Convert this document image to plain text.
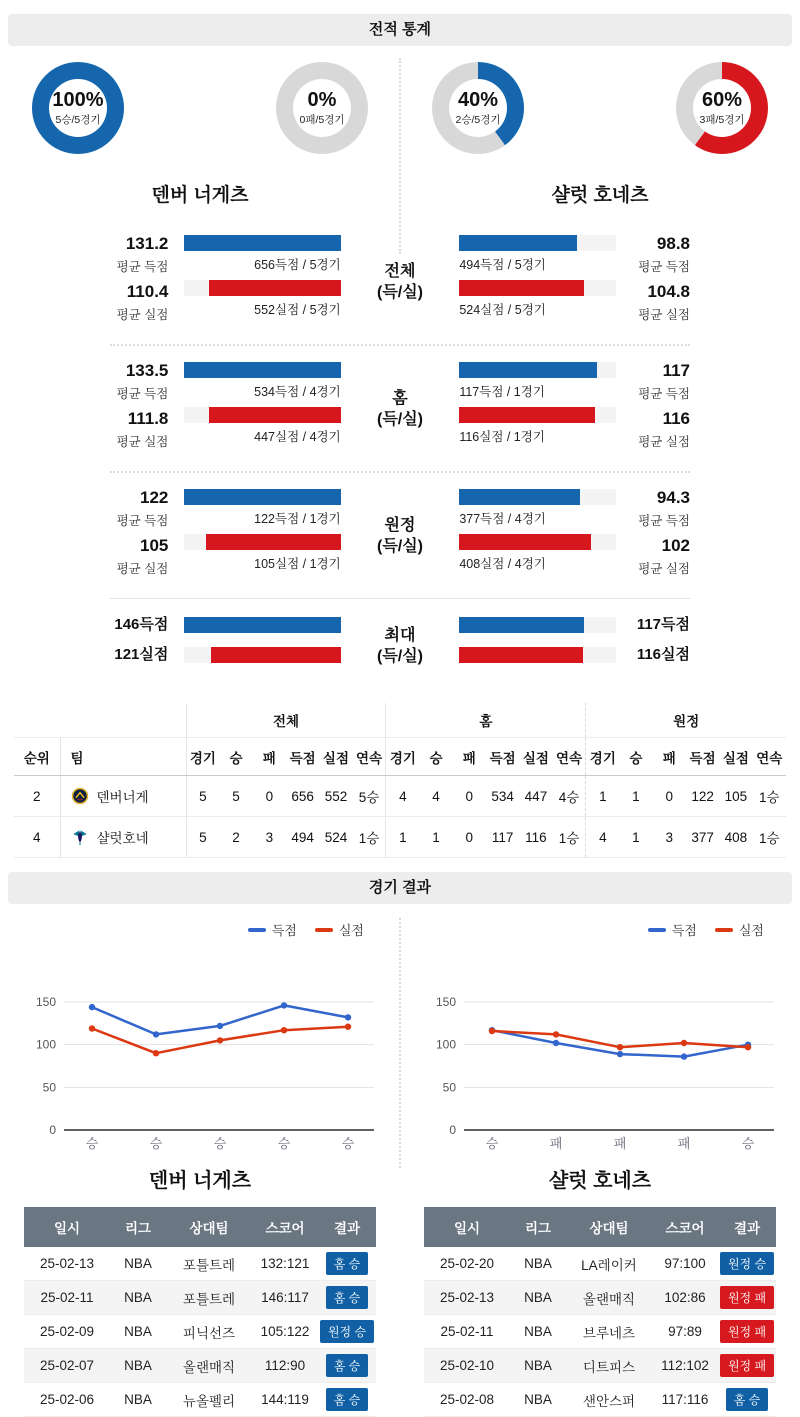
전적 통계
100%
5승/5경기
0%
0패/5경기
40%
2승/5경기
60%
3패/5경기
덴버 너게츠	샬럿 호네츠
131.2
평균 득점
110.4
평균 실점
656득점 / 5경기
552실점 / 5경기
전체
(득/실)
494득점 / 5경기
524실점 / 5경기
98.8
평균 득점
104.8
평균 실점
133.5
평균 득점
111.8
평균 실점
534득점 / 4경기
447실점 / 4경기
홈
(득/실)
117득점 / 1경기
116실점 / 1경기
117
평균 득점
116
평균 실점
122
평균 득점
105
평균 실점
122득점 / 1경기
105실점 / 1경기
원정
(득/실)
377득점 / 4경기
408실점 / 4경기
94.3
평균 득점
102
평균 실점
146득점
121실점
최대
(득/실)
117득점
116실점
		전체						홈						원정					
순위	팀	경기	승	패	득점	실점	연속	경기	승	패	득점	실점	연속	경기	승	패	득점	실점	연속
2	덴버너게	5	5	0	656	552	5승	4	4	0	534	447	4승	1	1	0	122	105	1승
4	샬럿호네	5	2	3	494	524	1승	1	1	0	117	116	1승	4	1	3	377	408	1승
경기 결과
득점	실점
0
50
100
150
승	승	승	승	승
득점	실점
0
50
100
150
승	패	패	패	승
덴버 너게츠	샬럿 호네츠
일시	리그	상대팀	스코어	결과
25-02-13	NBA	포틀트레	132:121	홈 승
25-02-11	NBA	포틀트레	146:117	홈 승
25-02-09	NBA	피닉선즈	105:122	원정 승
25-02-07	NBA	올랜매직	112:90	홈 승
25-02-06	NBA	뉴올펠리	144:119	홈 승
일시	리그	상대팀	스코어	결과
25-02-20	NBA	LA레이커	97:100	원정 승
25-02-13	NBA	올랜매직	102:86	원정 패
25-02-11	NBA	브루네츠	97:89	원정 패
25-02-10	NBA	디트피스	112:102	원정 패
25-02-08	NBA	샌안스퍼	117:116	홈 승
